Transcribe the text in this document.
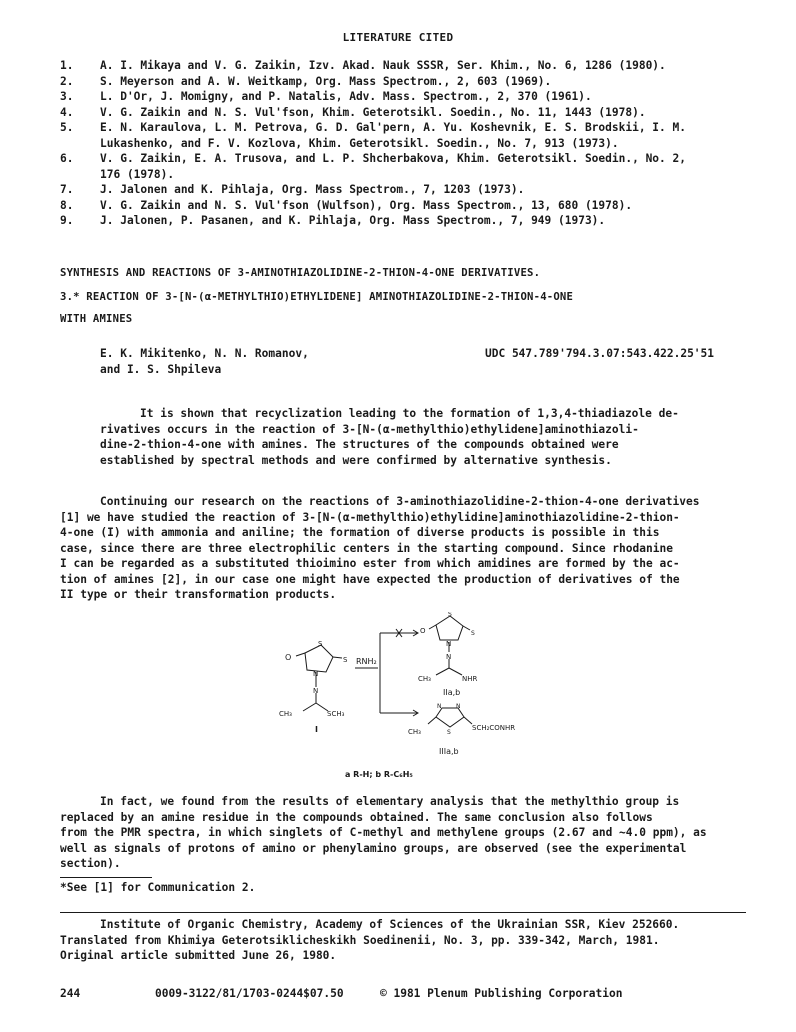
LITERATURE CITED
1.	A. I. Mikaya and V. G. Zaikin, Izv. Akad. Nauk SSSR, Ser. Khim., No. 6, 1286 (1980).
2.	S. Meyerson and A. W. Weitkamp, Org. Mass Spectrom., 2, 603 (1969).
3.	L. D'Or, J. Momigny, and P. Natalis, Adv. Mass. Spectrom., 2, 370 (1961).
4.	V. G. Zaikin and N. S. Vul'fson, Khim. Geterotsikl. Soedin., No. 11, 1443 (1978).
5.	E. N. Karaulova, L. M. Petrova, G. D. Gal'pern, A. Yu. Koshevnik, E. S. Brodskii, I. M.
Lukashenko, and F. V. Kozlova, Khim. Geterotsikl. Soedin., No. 7, 913 (1973).
6.	V. G. Zaikin, E. A. Trusova, and L. P. Shcherbakova, Khim. Geterotsikl. Soedin., No. 2,
176 (1978).
7.	J. Jalonen and K. Pihlaja, Org. Mass Spectrom., 7, 1203 (1973).
8.	V. G. Zaikin and N. S. Vul'fson (Wulfson), Org. Mass Spectrom., 13, 680 (1978).
9.	J. Jalonen, P. Pasanen, and K. Pihlaja, Org. Mass Spectrom., 7, 949 (1973).
SYNTHESIS AND REACTIONS OF 3-AMINOTHIAZOLIDINE-2-THION-4-ONE DERIVATIVES.
3.* REACTION OF 3-[N-(α-METHYLTHIO)ETHYLIDENE] AMINOTHIAZOLIDINE-2-THION-4-ONE
WITH AMINES
E. K. Mikitenko, N. N. Romanov,
and I. S. Shpileva
UDC 547.789'794.3.07:543.422.25'51
It is shown that recyclization leading to the formation of 1,3,4-thiadiazole de-
rivatives occurs in the reaction of 3-[N-(α-methylthio)ethylidene]aminothiazoli-
dine-2-thion-4-one with amines. The structures of the compounds obtained were
established by spectral methods and were confirmed by alternative synthesis.
Continuing our research on the reactions of 3-aminothiazolidine-2-thion-4-one derivatives
[1] we have studied the reaction of 3-[N-(α-methylthio)ethylidine]aminothiazolidine-2-thion-
4-one (I) with ammonia and aniline; the formation of diverse products is possible in this
case, since there are three electrophilic centers in the starting compound. Since rhodanine
I can be regarded as a substituted thioimino ester from which amidines are formed by the ac-
tion of amines [2], in our case one might have expected the production of derivatives of the
II type or their transformation products.
O
S
S
N
N
CH₃	SCH₃
I
RNH₂
O
S
S
N
N
CH₃	NHR
IIa,b
N N
S
CH₃	SCH₂CONHR
IIIa,b
a R-H; b R-C₆H₅
In fact, we found from the results of elementary analysis that the methylthio group is
replaced by an amine residue in the compounds obtained. The same conclusion also follows
from the PMR spectra, in which singlets of C-methyl and methylene groups (2.67 and ~4.0 ppm), as
well as signals of protons of amino or phenylamino groups, are observed (see the experimental
section).
*See [1] for Communication 2.
Institute of Organic Chemistry, Academy of Sciences of the Ukrainian SSR, Kiev 252660.
Translated from Khimiya Geterotsiklicheskikh Soedinenii, No. 3, pp. 339-342, March, 1981.
Original article submitted June 26, 1980.
244	0009-3122/81/1703-0244$07.50	© 1981 Plenum Publishing Corporation
